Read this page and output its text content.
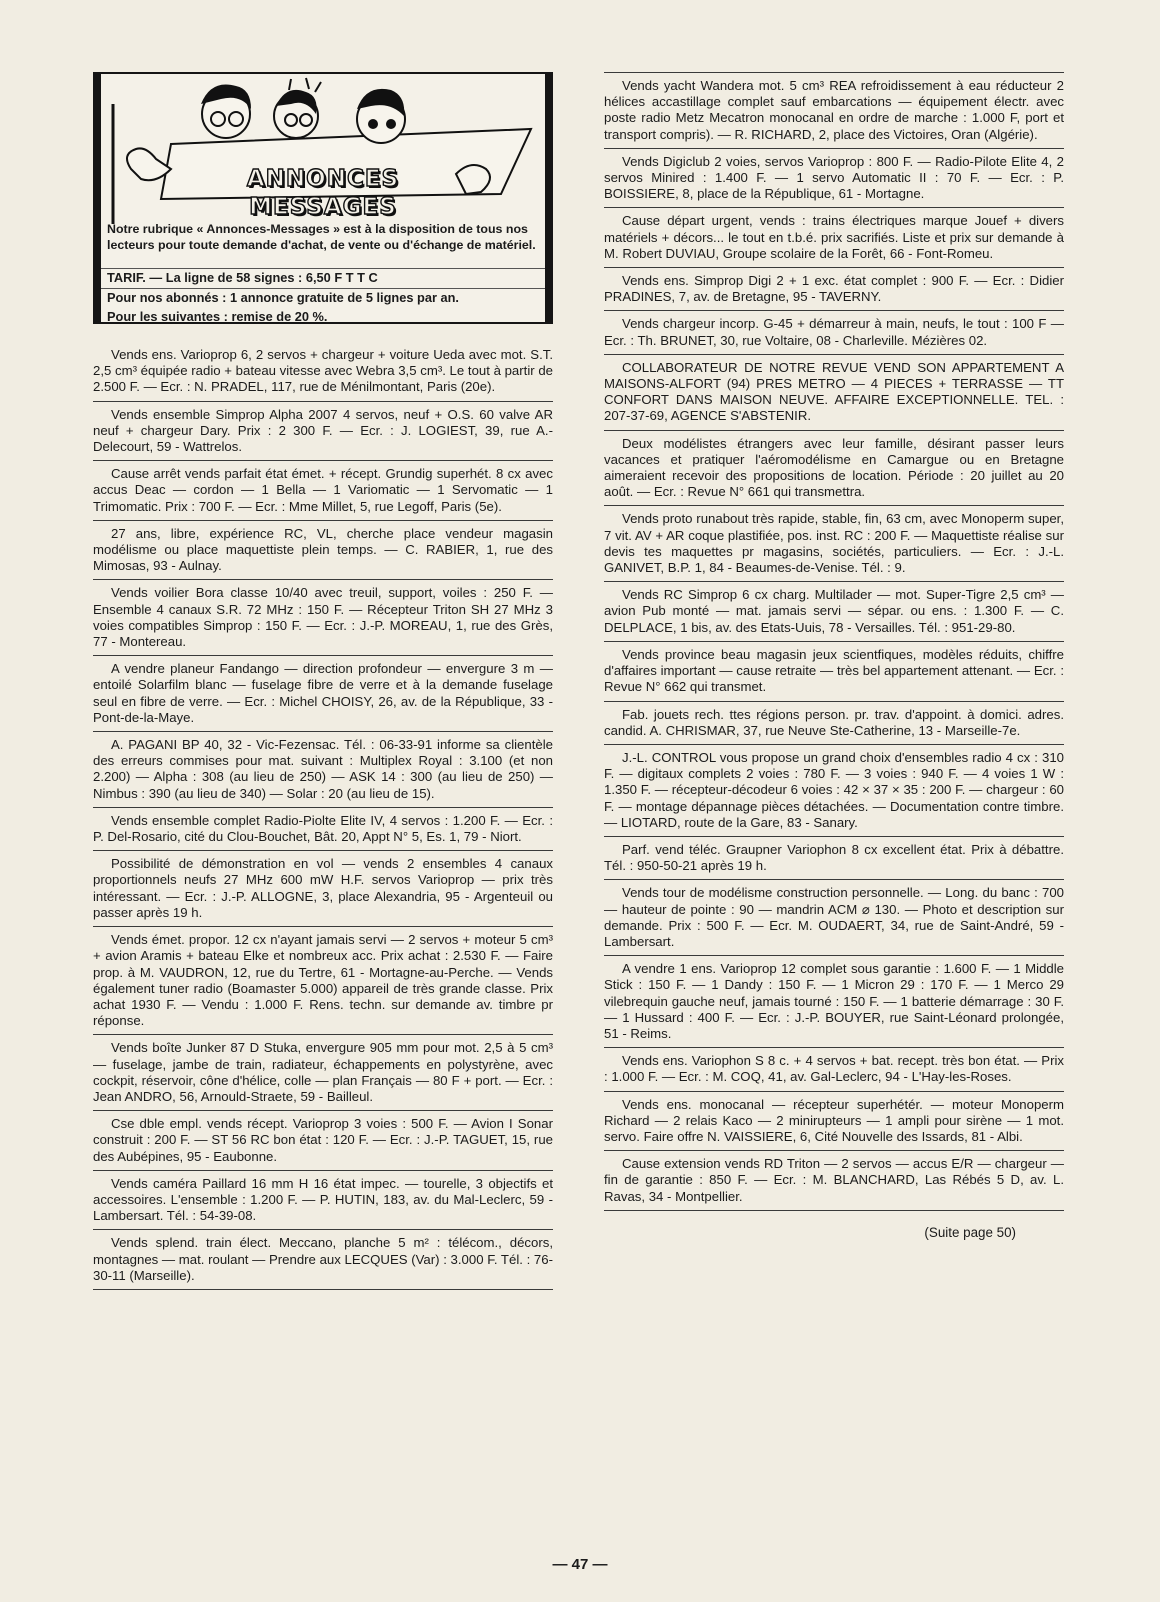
ANNONCES
MESSAGES
Notre rubrique « Annonces-Messages » est à la disposition de tous nos lecteurs pour toute demande d'achat, de vente ou d'échange de matériel.
TARIF. — La ligne de 58 signes : 6,50 F T T C
Pour nos abonnés : 1 annonce gratuite de 5 lignes par an.
Pour les suivantes : remise de 20 %.
Vends ens. Varioprop 6, 2 servos + chargeur + voiture Ueda avec mot. S.T. 2,5 cm³ équipée radio + bateau vitesse avec Webra 3,5 cm³. Le tout à partir de 2.500 F. — Ecr. : N. PRADEL, 117, rue de Ménilmontant, Paris (20e).
Vends ensemble Simprop Alpha 2007 4 servos, neuf + O.S. 60 valve AR neuf + chargeur Dary. Prix : 2 300 F. — Ecr. : J. LOGIEST, 39, rue A.-Delecourt, 59 - Wattrelos.
Cause arrêt vends parfait état émet. + récept. Grundig superhét. 8 cx avec accus Deac — cordon — 1 Bella — 1 Variomatic — 1 Servomatic — 1 Trimomatic. Prix : 700 F. — Ecr. : Mme Millet, 5, rue Legoff, Paris (5e).
27 ans, libre, expérience RC, VL, cherche place vendeur magasin modélisme ou place maquettiste plein temps. — C. RABIER, 1, rue des Mimosas, 93 - Aulnay.
Vends voilier Bora classe 10/40 avec treuil, support, voiles : 250 F. — Ensemble 4 canaux S.R. 72 MHz : 150 F. — Récepteur Triton SH 27 MHz 3 voies compatibles Simprop : 150 F. — Ecr. : J.-P. MOREAU, 1, rue des Grès, 77 - Montereau.
A vendre planeur Fandango — direction profondeur — envergure 3 m — entoilé Solarfilm blanc — fuselage fibre de verre et à la demande fuselage seul en fibre de verre. — Ecr. : Michel CHOISY, 26, av. de la République, 33 - Pont-de-la-Maye.
A. PAGANI BP 40, 32 - Vic-Fezensac. Tél. : 06-33-91 informe sa clientèle des erreurs commises pour mat. suivant : Multiplex Royal : 3.100 (et non 2.200) — Alpha : 308 (au lieu de 250) — ASK 14 : 300 (au lieu de 250) — Nimbus : 390 (au lieu de 340) — Solar : 20 (au lieu de 15).
Vends ensemble complet Radio-Piolte Elite IV, 4 servos : 1.200 F. — Ecr. : P. Del-Rosario, cité du Clou-Bouchet, Bât. 20, Appt N° 5, Es. 1, 79 - Niort.
Possibilité de démonstration en vol — vends 2 ensembles 4 canaux proportionnels neufs 27 MHz 600 mW H.F. servos Varioprop — prix très intéressant. — Ecr. : J.-P. ALLOGNE, 3, place Alexandria, 95 - Argenteuil ou passer après 19 h.
Vends émet. propor. 12 cx n'ayant jamais servi — 2 servos + moteur 5 cm³ + avion Aramis + bateau Elke et nombreux acc. Prix achat : 2.530 F. — Faire prop. à M. VAUDRON, 12, rue du Tertre, 61 - Mortagne-au-Perche. — Vends également tuner radio (Boamaster 5.000) appareil de très grande classe. Prix achat 1930 F. — Vendu : 1.000 F. Rens. techn. sur demande av. timbre pr réponse.
Vends boîte Junker 87 D Stuka, envergure 905 mm pour mot. 2,5 à 5 cm³ — fuselage, jambe de train, radiateur, échappements en polystyrène, avec cockpit, réservoir, cône d'hélice, colle — plan Français — 80 F + port. — Ecr. : Jean ANDRO, 56, Arnould-Straete, 59 - Bailleul.
Cse dble empl. vends récept. Varioprop 3 voies : 500 F. — Avion I Sonar construit : 200 F. — ST 56 RC bon état : 120 F. — Ecr. : J.-P. TAGUET, 15, rue des Aubépines, 95 - Eaubonne.
Vends caméra Paillard 16 mm H 16 état impec. — tourelle, 3 objectifs et accessoires. L'ensemble : 1.200 F. — P. HUTIN, 183, av. du Mal-Leclerc, 59 - Lambersart. Tél. : 54-39-08.
Vends splend. train élect. Meccano, planche 5 m² : télécom., décors, montagnes — mat. roulant — Prendre aux LECQUES (Var) : 3.000 F. Tél. : 76-30-11 (Marseille).
Vends yacht Wandera mot. 5 cm³ REA refroidissement à eau réducteur 2 hélices accastillage complet sauf embarcations — équipement électr. avec poste radio Metz Mecatron monocanal en ordre de marche : 1.000 F, port et transport compris). — R. RICHARD, 2, place des Victoires, Oran (Algérie).
Vends Digiclub 2 voies, servos Varioprop : 800 F. — Radio-Pilote Elite 4, 2 servos Minired : 1.400 F. — 1 servo Automatic II : 70 F. — Ecr. : P. BOISSIERE, 8, place de la République, 61 - Mortagne.
Cause départ urgent, vends : trains électriques marque Jouef + divers matériels + décors... le tout en t.b.é. prix sacrifiés. Liste et prix sur demande à M. Robert DUVIAU, Groupe scolaire de la Forêt, 66 - Font-Romeu.
Vends ens. Simprop Digi 2 + 1 exc. état complet : 900 F. — Ecr. : Didier PRADINES, 7, av. de Bretagne, 95 - TAVERNY.
Vends chargeur incorp. G-45 + démarreur à main, neufs, le tout : 100 F — Ecr. : Th. BRUNET, 30, rue Voltaire, 08 - Charleville. Mézières 02.
COLLABORATEUR DE NOTRE REVUE VEND SON APPARTEMENT A MAISONS-ALFORT (94) PRES METRO — 4 PIECES + TERRASSE — TT CONFORT DANS MAISON NEUVE. AFFAIRE EXCEPTIONNELLE. TEL. : 207-37-69, AGENCE S'ABSTENIR.
Deux modélistes étrangers avec leur famille, désirant passer leurs vacances et pratiquer l'aéromodélisme en Camargue ou en Bretagne aimeraient recevoir des propositions de location. Période : 20 juillet au 20 août. — Ecr. : Revue N° 661 qui transmettra.
Vends proto runabout très rapide, stable, fin, 63 cm, avec Monoperm super, 7 vit. AV + AR coque plastifiée, pos. inst. RC : 200 F. — Maquettiste réalise sur devis tes maquettes pr magasins, sociétés, particuliers. — Ecr. : J.-L. GANIVET, B.P. 1, 84 - Beaumes-de-Venise. Tél. : 9.
Vends RC Simprop 6 cx charg. Multilader — mot. Super-Tigre 2,5 cm³ — avion Pub monté — mat. jamais servi — sépar. ou ens. : 1.300 F. — C. DELPLACE, 1 bis, av. des Etats-Uuis, 78 - Versailles. Tél. : 951-29-80.
Vends province beau magasin jeux scientfiques, modèles réduits, chiffre d'affaires important — cause retraite — très bel appartement attenant. — Ecr. : Revue N° 662 qui transmet.
Fab. jouets rech. ttes régions person. pr. trav. d'appoint. à domici. adres. candid. A. CHRISMAR, 37, rue Neuve Ste-Catherine, 13 - Marseille-7e.
J.-L. CONTROL vous propose un grand choix d'ensembles radio 4 cx : 310 F. — digitaux complets 2 voies : 780 F. — 3 voies : 940 F. — 4 voies 1 W : 1.350 F. — récepteur-décodeur 6 voies : 42 × 37 × 35 : 200 F. — chargeur : 60 F. — montage dépannage pièces détachées. — Documentation contre timbre. — LIOTARD, route de la Gare, 83 - Sanary.
Parf. vend téléc. Graupner Variophon 8 cx excellent état. Prix à débattre. Tél. : 950-50-21 après 19 h.
Vends tour de modélisme construction personnelle. — Long. du banc : 700 — hauteur de pointe : 90 — mandrin ACM ⌀ 130. — Photo et description sur demande. Prix : 500 F. — Ecr. M. OUDAERT, 34, rue de Saint-André, 59 - Lambersart.
A vendre 1 ens. Varioprop 12 complet sous garantie : 1.600 F. — 1 Middle Stick : 150 F. — 1 Dandy : 150 F. — 1 Micron 29 : 170 F. — 1 Merco 29 vilebrequin gauche neuf, jamais tourné : 150 F. — 1 batterie démarrage : 30 F. — 1 Hussard : 400 F. — Ecr. : J.-P. BOUYER, rue Saint-Léonard prolongée, 51 - Reims.
Vends ens. Variophon S 8 c. + 4 servos + bat. recept. très bon état. — Prix : 1.000 F. — Ecr. : M. COQ, 41, av. Gal-Leclerc, 94 - L'Hay-les-Roses.
Vends ens. monocanal — récepteur superhétér. — moteur Monoperm Richard — 2 relais Kaco — 2 minirupteurs — 1 ampli pour sirène — 1 mot. servo. Faire offre N. VAISSIERE, 6, Cité Nouvelle des Issards, 81 - Albi.
Cause extension vends RD Triton — 2 servos — accus E/R — chargeur — fin de garantie : 850 F. — Ecr. : M. BLANCHARD, Las Rébés 5 D, av. L. Ravas, 34 - Montpellier.
(Suite page 50)
— 47 —
